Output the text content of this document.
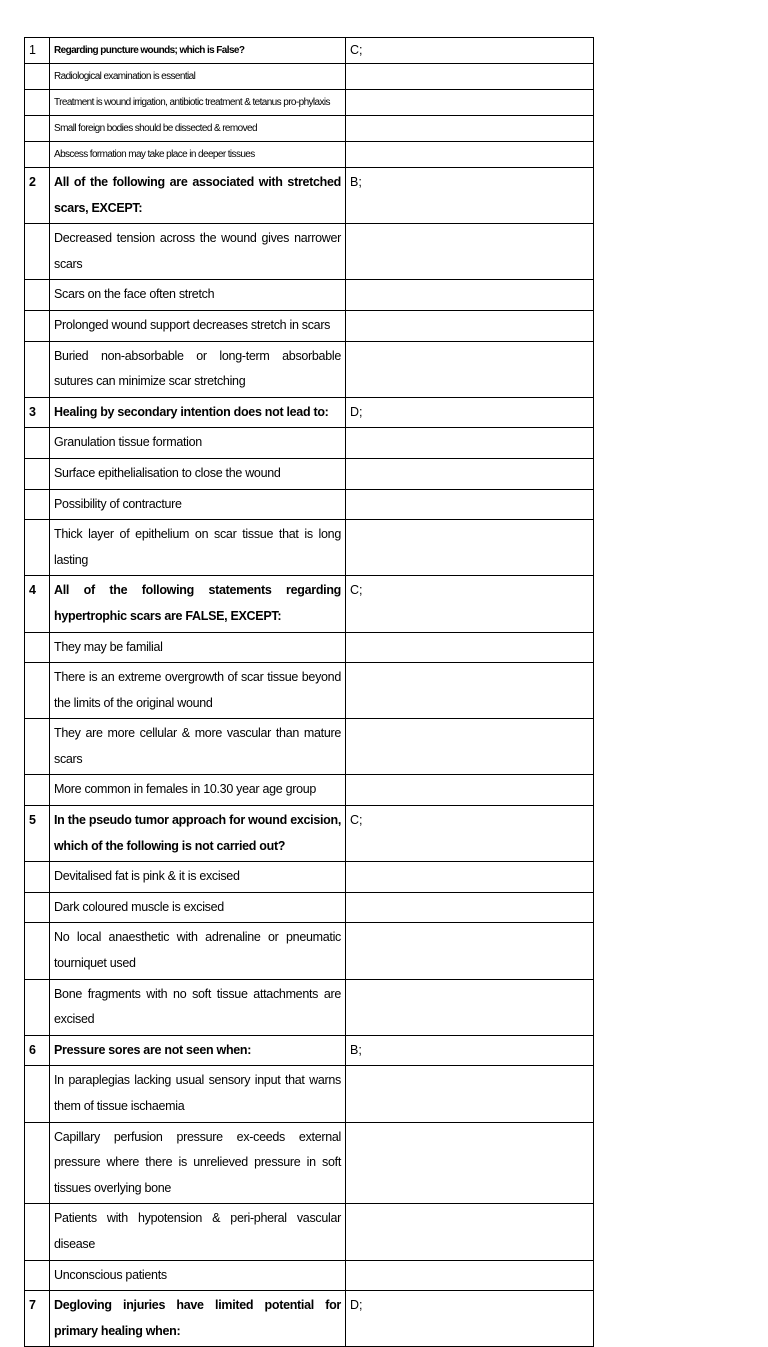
1	Regarding puncture wounds; which is False?	C;
	Radiological examination is essential	
	Treatment is wound irrigation, antibiotic treatment & tetanus pro-phylaxis	
	Small foreign bodies should be dissected & removed	
	Abscess formation may take place in deeper tissues	
2	All of the following are associated with stretched scars, EXCEPT:	B;
	Decreased tension across the wound gives narrower scars	
	Scars on the face often stretch	
	Prolonged wound support decreases stretch in scars	
	Buried non-absorbable or long-term absorbable sutures can minimize scar stretching	
3	Healing by secondary intention does not lead to:	D;
	Granulation tissue formation	
	Surface epithelialisation to close the wound	
	Possibility of contracture	
	Thick layer of epithelium on scar tissue that is long lasting	
4	All of the following statements regarding hypertrophic scars are FALSE, EXCEPT:	C;
	They may be familial	
	There is an extreme overgrowth of scar tissue beyond the limits of the original wound	
	They are more cellular & more vascular than mature scars	
	More common in females in 10.30 year age group	
5	In the pseudo tumor approach for wound excision, which of the following is not carried out?	C;
	Devitalised fat is pink & it is excised	
	Dark coloured muscle is excised	
	No local anaesthetic with adrenaline or pneumatic tourniquet used	
	Bone fragments with no soft tissue attachments are excised	
6	Pressure sores are not seen when:	B;
	In paraplegias lacking usual sensory input that warns them of tissue ischaemia	
	Capillary perfusion pressure ex-ceeds external pressure where there is unrelieved pressure in soft tissues overlying bone	
	Patients with hypotension & peri-pheral vascular disease	
	Unconscious patients	
7	Degloving injuries have limited potential for primary healing when:	D;
